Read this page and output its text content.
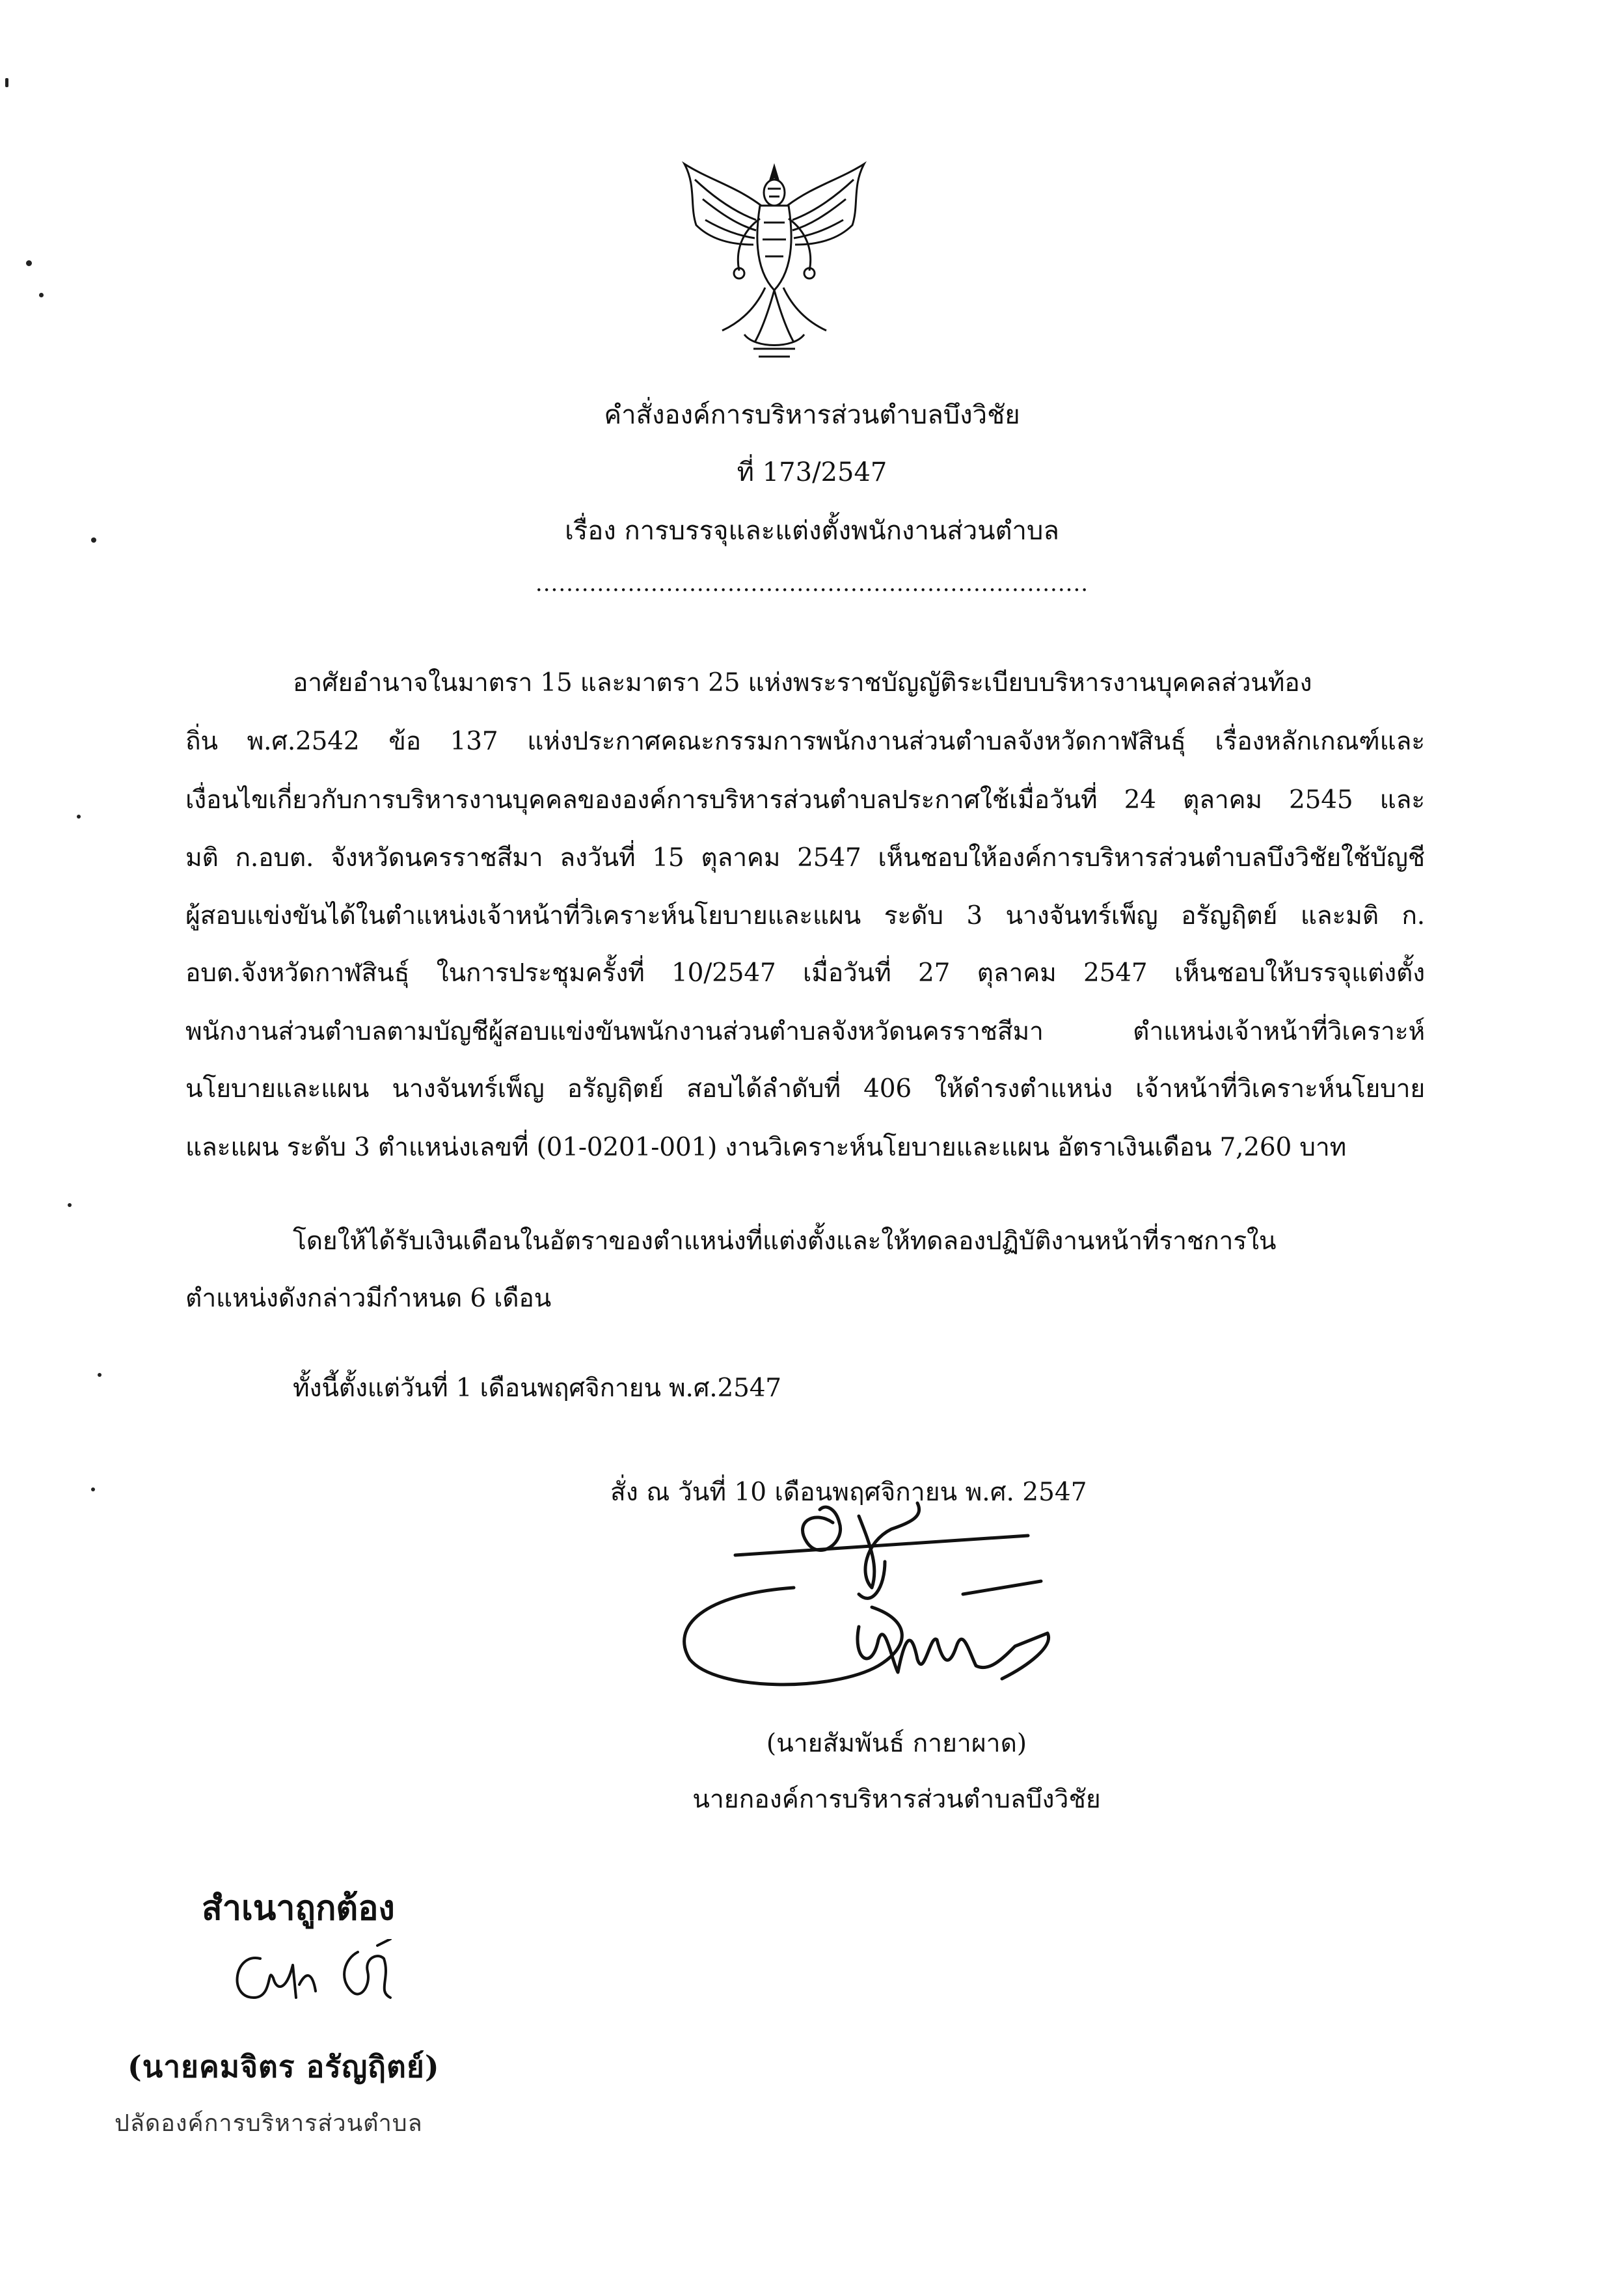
คำสั่งองค์การบริหารส่วนตำบลบึงวิชัย
ที่ 173/2547
เรื่อง การบรรจุและแต่งตั้งพนักงานส่วนตำบล
........................................................................
อาศัยอำนาจในมาตรา 15 และมาตรา 25 แห่งพระราชบัญญัติระเบียบบริหารงานบุคคลส่วนท้อง
ถิ่น พ.ศ.2542 ข้อ 137 แห่งประกาศคณะกรรมการพนักงานส่วนตำบลจังหวัดกาฬสินธุ์ เรื่องหลักเกณฑ์และ
เงื่อนไขเกี่ยวกับการบริหารงานบุคคลขององค์การบริหารส่วนตำบลประกาศใช้เมื่อวันที่ 24 ตุลาคม 2545 และ
มติ ก.อบต. จังหวัดนครราชสีมา ลงวันที่ 15 ตุลาคม 2547 เห็นชอบให้องค์การบริหารส่วนตำบลบึงวิชัยใช้บัญชี
ผู้สอบแข่งขันได้ในตำแหน่งเจ้าหน้าที่วิเคราะห์นโยบายและแผน ระดับ 3 นางจันทร์เพ็ญ อรัญฤิตย์ และมติ ก.
อบต.จังหวัดกาฬสินธุ์ ในการประชุมครั้งที่ 10/2547 เมื่อวันที่ 27 ตุลาคม 2547 เห็นชอบให้บรรจุแต่งตั้ง
พนักงานส่วนตำบลตามบัญชีผู้สอบแข่งขันพนักงานส่วนตำบลจังหวัดนครราชสีมา ตำแหน่งเจ้าหน้าที่วิเคราะห์
นโยบายและแผน นางจันทร์เพ็ญ อรัญฤิตย์ สอบได้ลำดับที่ 406 ให้ดำรงตำแหน่ง เจ้าหน้าที่วิเคราะห์นโยบาย
และแผน ระดับ 3 ตำแหน่งเลขที่ (01-0201-001) งานวิเคราะห์นโยบายและแผน อัตราเงินเดือน 7,260 บาท
โดยให้ได้รับเงินเดือนในอัตราของตำแหน่งที่แต่งตั้งและให้ทดลองปฏิบัติงานหน้าที่ราชการใน
ตำแหน่งดังกล่าวมีกำหนด 6 เดือน
ทั้งนี้ตั้งแต่วันที่ 1 เดือนพฤศจิกายน พ.ศ.2547
สั่ง ณ วันที่ 10 เดือนพฤศจิกายน พ.ศ. 2547
(นายสัมพันธ์ กายาผาด)
นายกองค์การบริหารส่วนตำบลบึงวิชัย
สำเนาถูกต้อง
(นายคมจิตร อรัญฤิตย์)
ปลัดองค์การบริหารส่วนตำบล
